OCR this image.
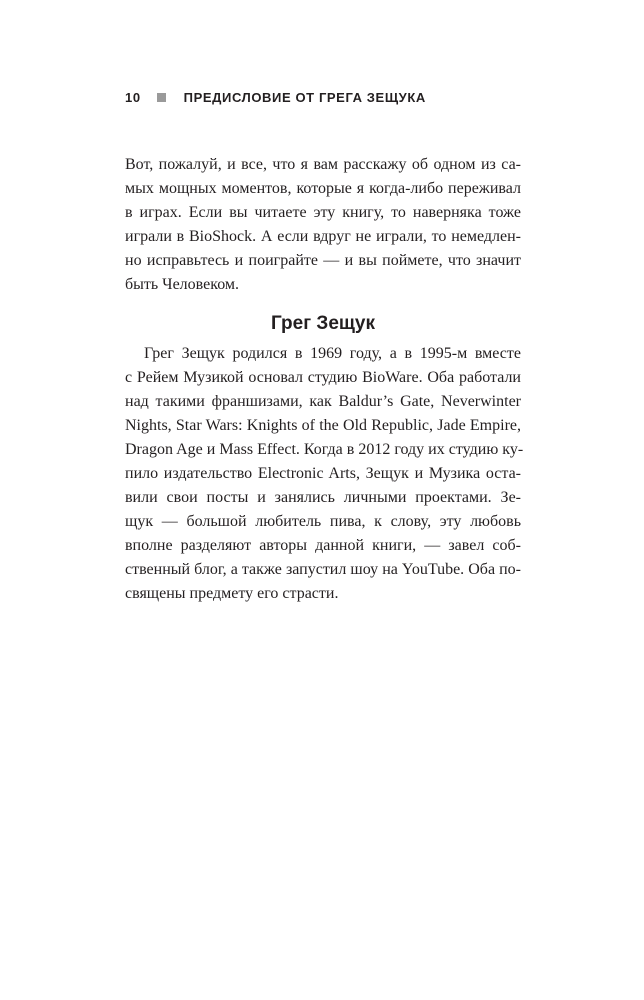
10	ПРЕДИСЛОВИЕ ОТ ГРЕГА ЗЕЩУКА
Вот, пожалуй, и все, что я вам расскажу об одном из са-
мых мощных моментов, которые я когда-либо переживал
в играх. Если вы читаете эту книгу, то наверняка тоже
играли в BioShock. А если вдруг не играли, то немедлен-
но исправьтесь и поиграйте — и вы поймете, что значит
быть Человеком.
Грег Зещук
Грег Зещук родился в 1969 году, а в 1995-м вместе
с Рейем Музикой основал студию BioWare. Оба работали
над такими франшизами, как Baldur’s Gate, Neverwinter
Nights, Star Wars: Knights of the Old Republic, Jade Empire,
Dragon Age и Mass Effect. Когда в 2012 году их студию ку-
пило издательство Electronic Arts, Зещук и Музика оста-
вили свои посты и занялись личными проектами. Зе-
щук — большой любитель пива, к слову, эту любовь
вполне разделяют авторы данной книги, — завел соб-
ственный блог, а также запустил шоу на YouTube. Оба по-
священы предмету его страсти.
